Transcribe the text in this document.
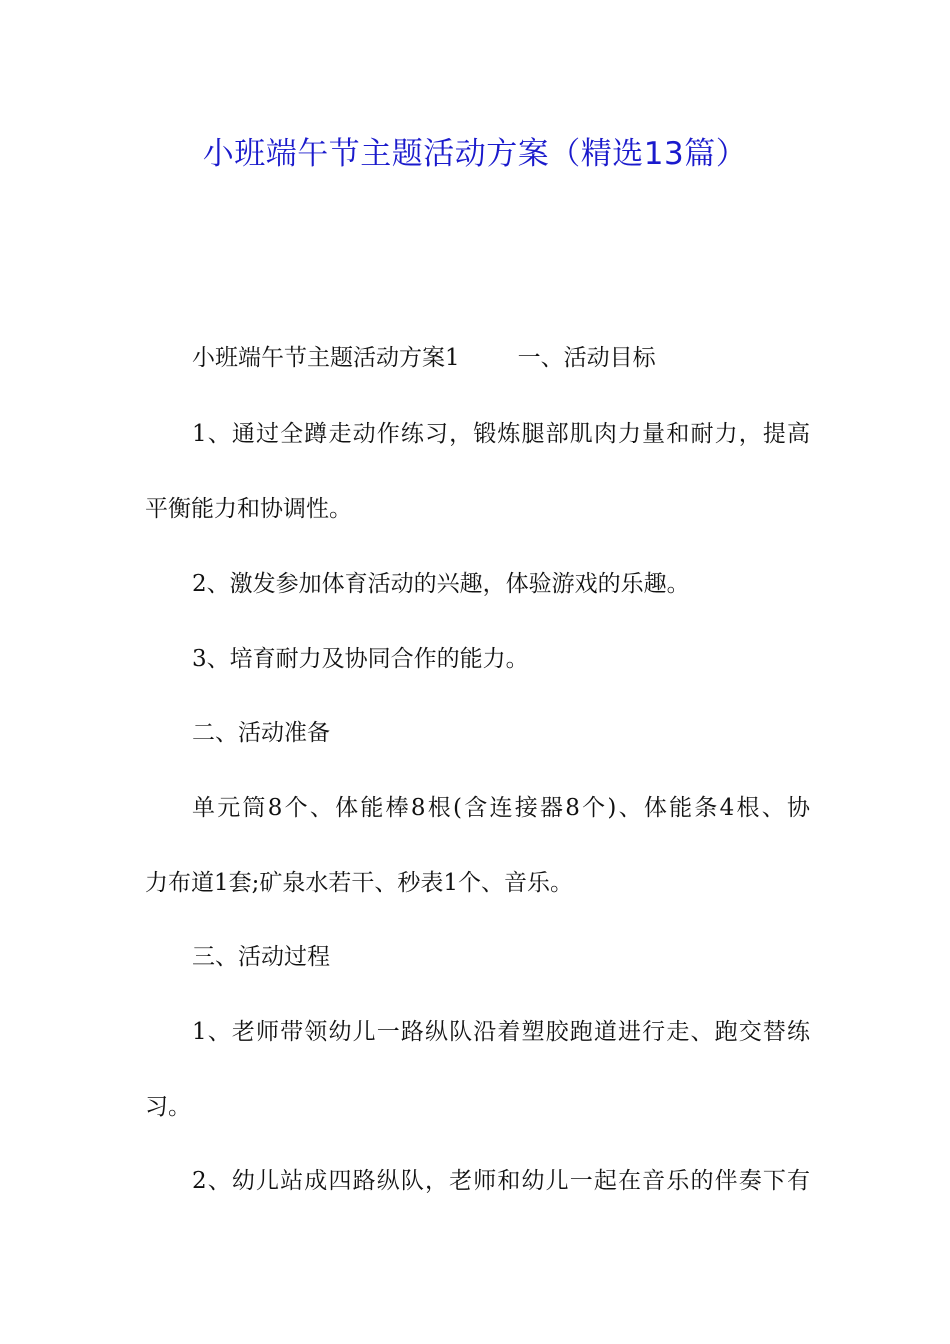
小班端午节主题活动方案（精选13篇）
小班端午节主题活动方案1	一、活动目标
1、通过全蹲走动作练习，锻炼腿部肌肉力量和耐力，提高
平衡能力和协调性。
2、激发参加体育活动的兴趣，体验游戏的乐趣。
3、培育耐力及协同合作的能力。
二、活动准备
单元筒8个、体能棒8根(含连接器8个)、体能条4根、协
力布道1套;矿泉水若干、秒表1个、音乐。
三、活动过程
1、老师带领幼儿一路纵队沿着塑胶跑道进行走、跑交替练
习。
2、幼儿站成四路纵队，老师和幼儿一起在音乐的伴奏下有
